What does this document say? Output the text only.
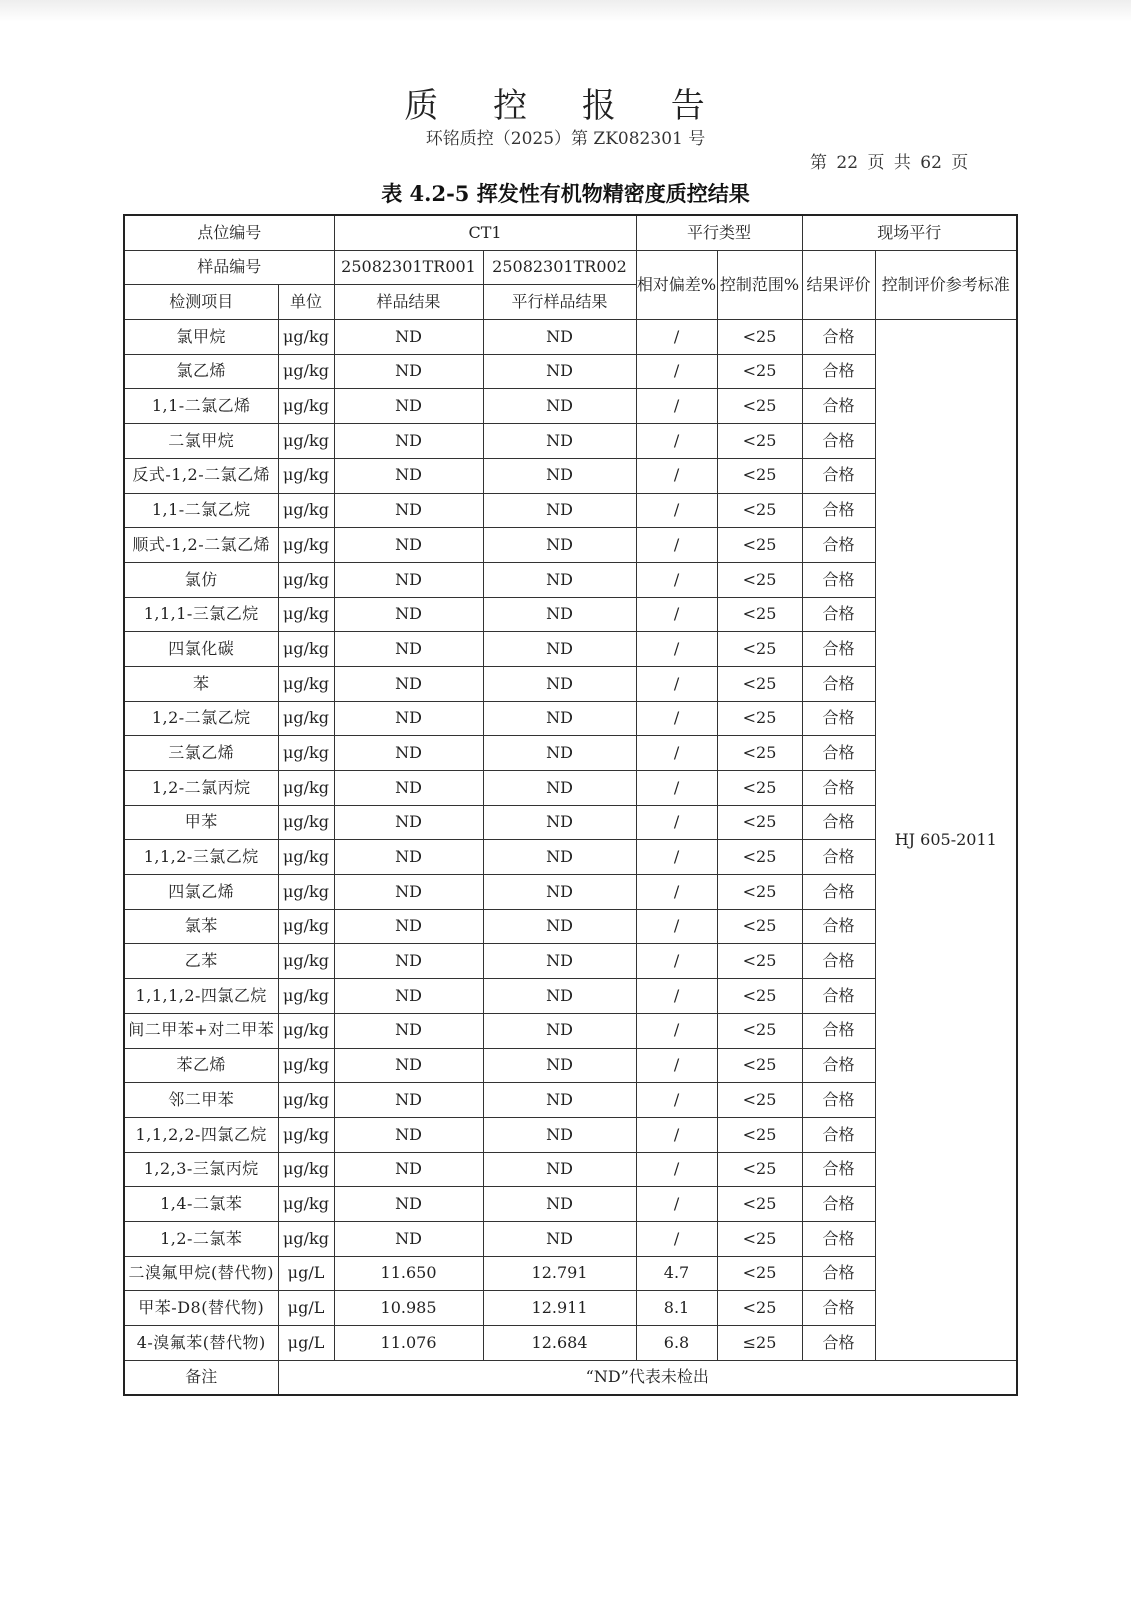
质 控 报 告
环铭质控（2025）第 ZK082301 号
第 22 页 共 62 页
表 4.2-5 挥发性有机物精密度质控结果
点位编号		CT1		平行类型		现场平行	
样品编号		25082301TR001	25082301TR002	相对偏差%	控制范围%	结果评价	控制评价参考标准
检测项目	单位	样品结果	平行样品结果				
氯甲烷	μg/kg	ND	ND	/	<25	合格	HJ 605-2011
氯乙烯	μg/kg	ND	ND	/	<25	合格	
1,1-二氯乙烯	μg/kg	ND	ND	/	<25	合格	
二氯甲烷	μg/kg	ND	ND	/	<25	合格	
反式-1,2-二氯乙烯	μg/kg	ND	ND	/	<25	合格	
1,1-二氯乙烷	μg/kg	ND	ND	/	<25	合格	
顺式-1,2-二氯乙烯	μg/kg	ND	ND	/	<25	合格	
氯仿	μg/kg	ND	ND	/	<25	合格	
1,1,1-三氯乙烷	μg/kg	ND	ND	/	<25	合格	
四氯化碳	μg/kg	ND	ND	/	<25	合格	
苯	μg/kg	ND	ND	/	<25	合格	
1,2-二氯乙烷	μg/kg	ND	ND	/	<25	合格	
三氯乙烯	μg/kg	ND	ND	/	<25	合格	
1,2-二氯丙烷	μg/kg	ND	ND	/	<25	合格	
甲苯	μg/kg	ND	ND	/	<25	合格	
1,1,2-三氯乙烷	μg/kg	ND	ND	/	<25	合格	
四氯乙烯	μg/kg	ND	ND	/	<25	合格	
氯苯	μg/kg	ND	ND	/	<25	合格	
乙苯	μg/kg	ND	ND	/	<25	合格	
1,1,1,2-四氯乙烷	μg/kg	ND	ND	/	<25	合格	
间二甲苯+对二甲苯	μg/kg	ND	ND	/	<25	合格	
苯乙烯	μg/kg	ND	ND	/	<25	合格	
邻二甲苯	μg/kg	ND	ND	/	<25	合格	
1,1,2,2-四氯乙烷	μg/kg	ND	ND	/	<25	合格	
1,2,3-三氯丙烷	μg/kg	ND	ND	/	<25	合格	
1,4-二氯苯	μg/kg	ND	ND	/	<25	合格	
1,2-二氯苯	μg/kg	ND	ND	/	<25	合格	
二溴氟甲烷(替代物)	μg/L	11.650	12.791	4.7	<25	合格	
甲苯-D8(替代物)	μg/L	10.985	12.911	8.1	<25	合格	
4-溴氟苯(替代物)	μg/L	11.076	12.684	6.8	≤25	合格	
备注	“ND”代表未检出						
